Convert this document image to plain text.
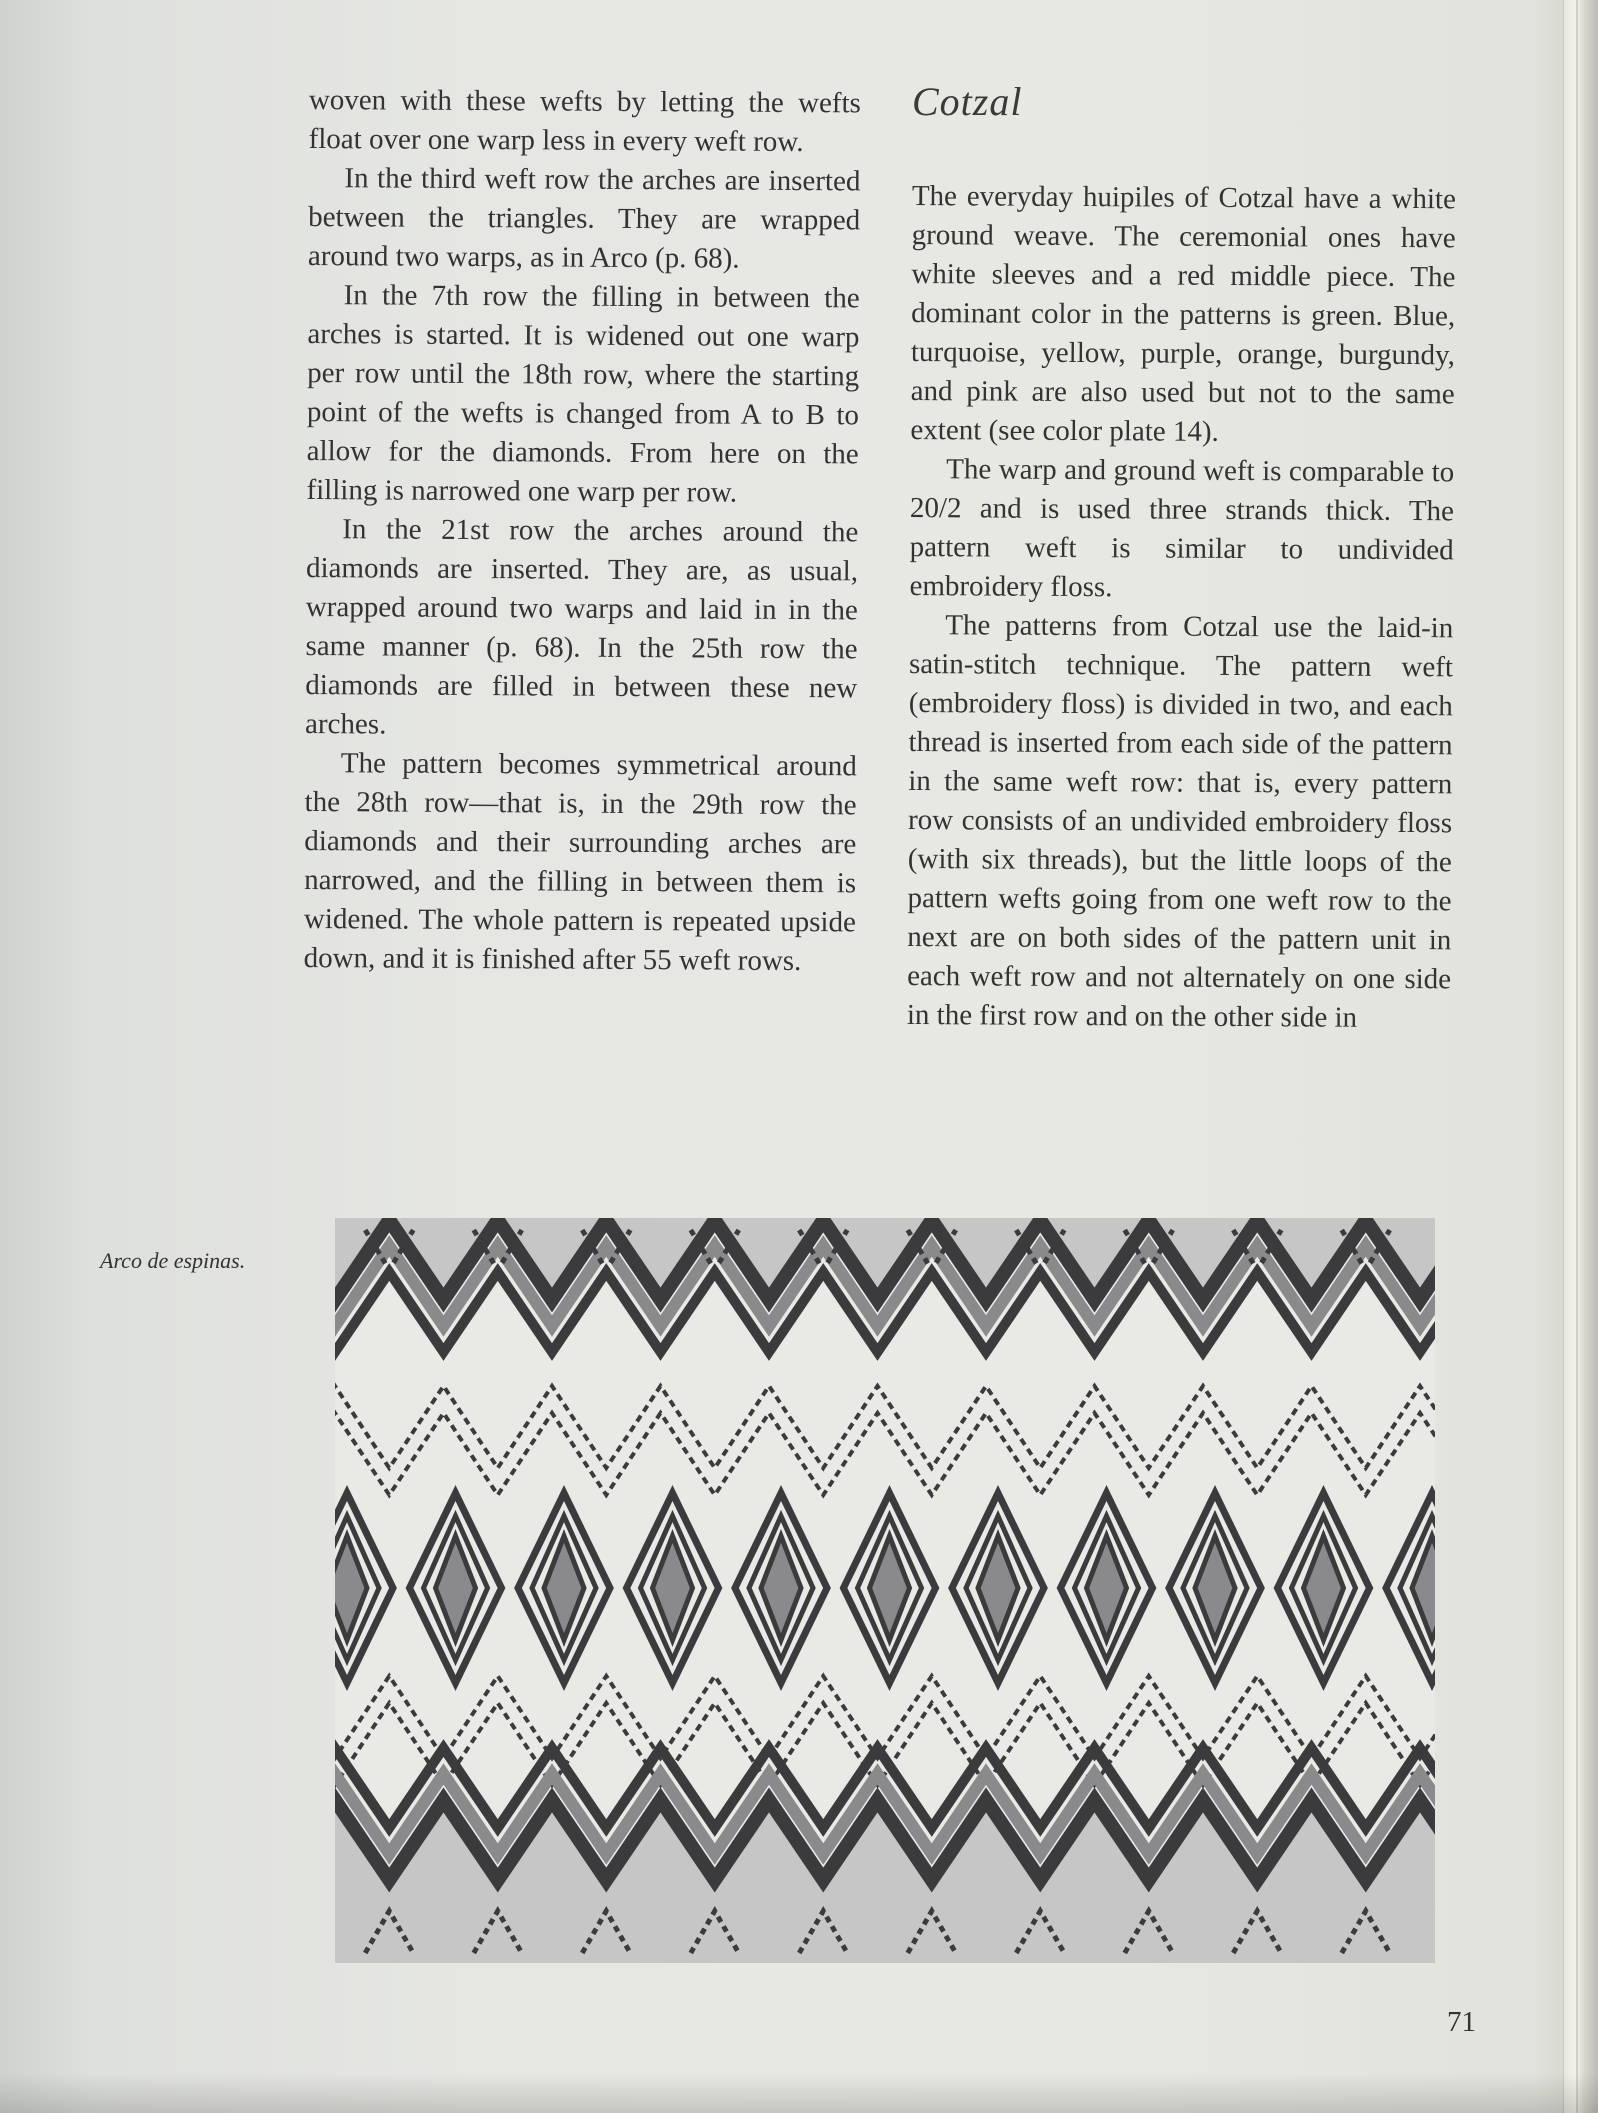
woven with these wefts by letting the wefts float over one warp less in every weft row.

In the third weft row the arches are inserted between the triangles. They are wrapped around two warps, as in Arco (p. 68).

In the 7th row the filling in between the arches is started. It is widened out one warp per row until the 18th row, where the starting point of the wefts is changed from A to B to allow for the diamonds. From here on the filling is narrowed one warp per row.

In the 21st row the arches around the diamonds are inserted. They are, as usual, wrapped around two warps and laid in in the same manner (p. 68). In the 25th row the diamonds are filled in between these new arches.

The pattern becomes symmetrical around the 28th row—that is, in the 29th row the diamonds and their surrounding arches are narrowed, and the filling in between them is widened. The whole pattern is repeated upside down, and it is finished after 55 weft rows.

Cotzal

The everyday huipiles of Cotzal have a white ground weave. The ceremonial ones have white sleeves and a red middle piece. The dominant color in the patterns is green. Blue, turquoise, yellow, purple, orange, burgundy, and pink are also used but not to the same extent (see color plate 14).

The warp and ground weft is comparable to 20/2 and is used three strands thick. The pattern weft is similar to undivided embroidery floss.

The patterns from Cotzal use the laid-in satin-stitch technique. The pattern weft (embroidery floss) is divided in two, and each thread is inserted from each side of the pattern in the same weft row: that is, every pattern row consists of an undivided embroidery floss (with six threads), but the little loops of the pattern wefts going from one weft row to the next are on both sides of the pattern unit in each weft row and not alternately on one side in the first row and on the other side in

Arco de espinas.
71
